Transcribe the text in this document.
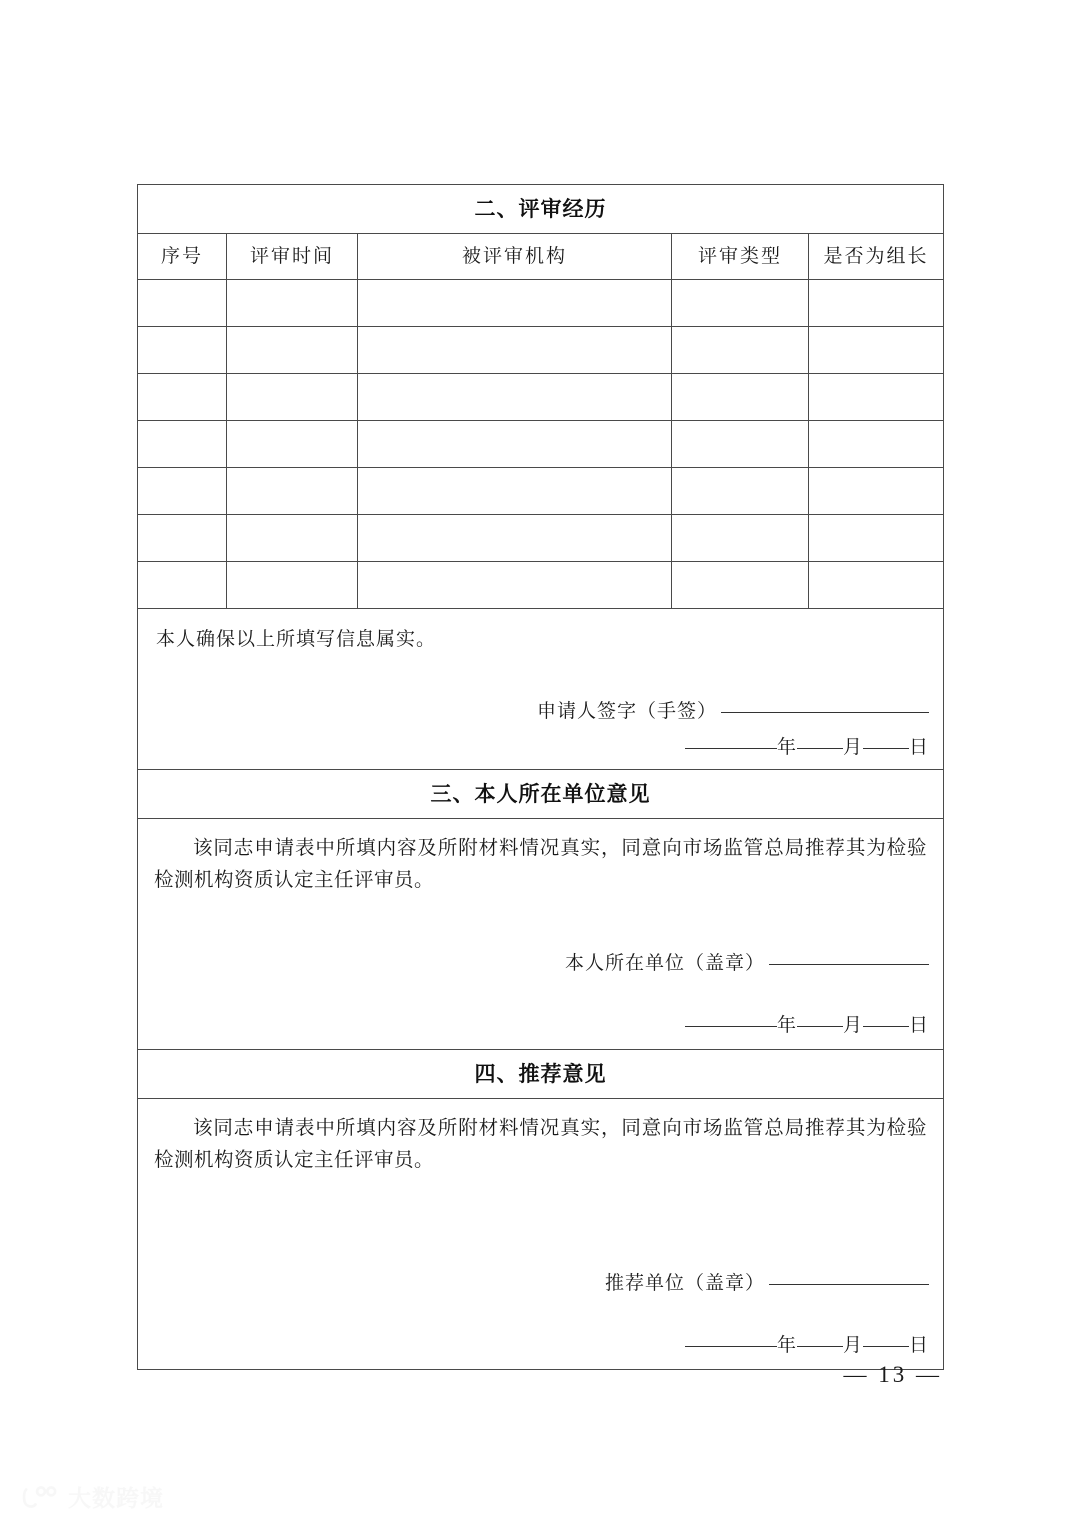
二、评审经历				
序号	评审时间	被评审机构	评审类型	是否为组长

本人确保以上所填写信息属实。
申请人签字（手签）
年 月 日				

三、本人所在单位意见				

该同志申请表中所填内容及所附材料情况真实，同意向市场监管总局推荐其为检验检测机构资质认定主任评审员。
本人所在单位（盖章）
年 月 日				

四、推荐意见				

该同志申请表中所填内容及所附材料情况真实，同意向市场监管总局推荐其为检验检测机构资质认定主任评审员。
推荐单位（盖章）
年 月 日				
— 13 —
大数跨境
